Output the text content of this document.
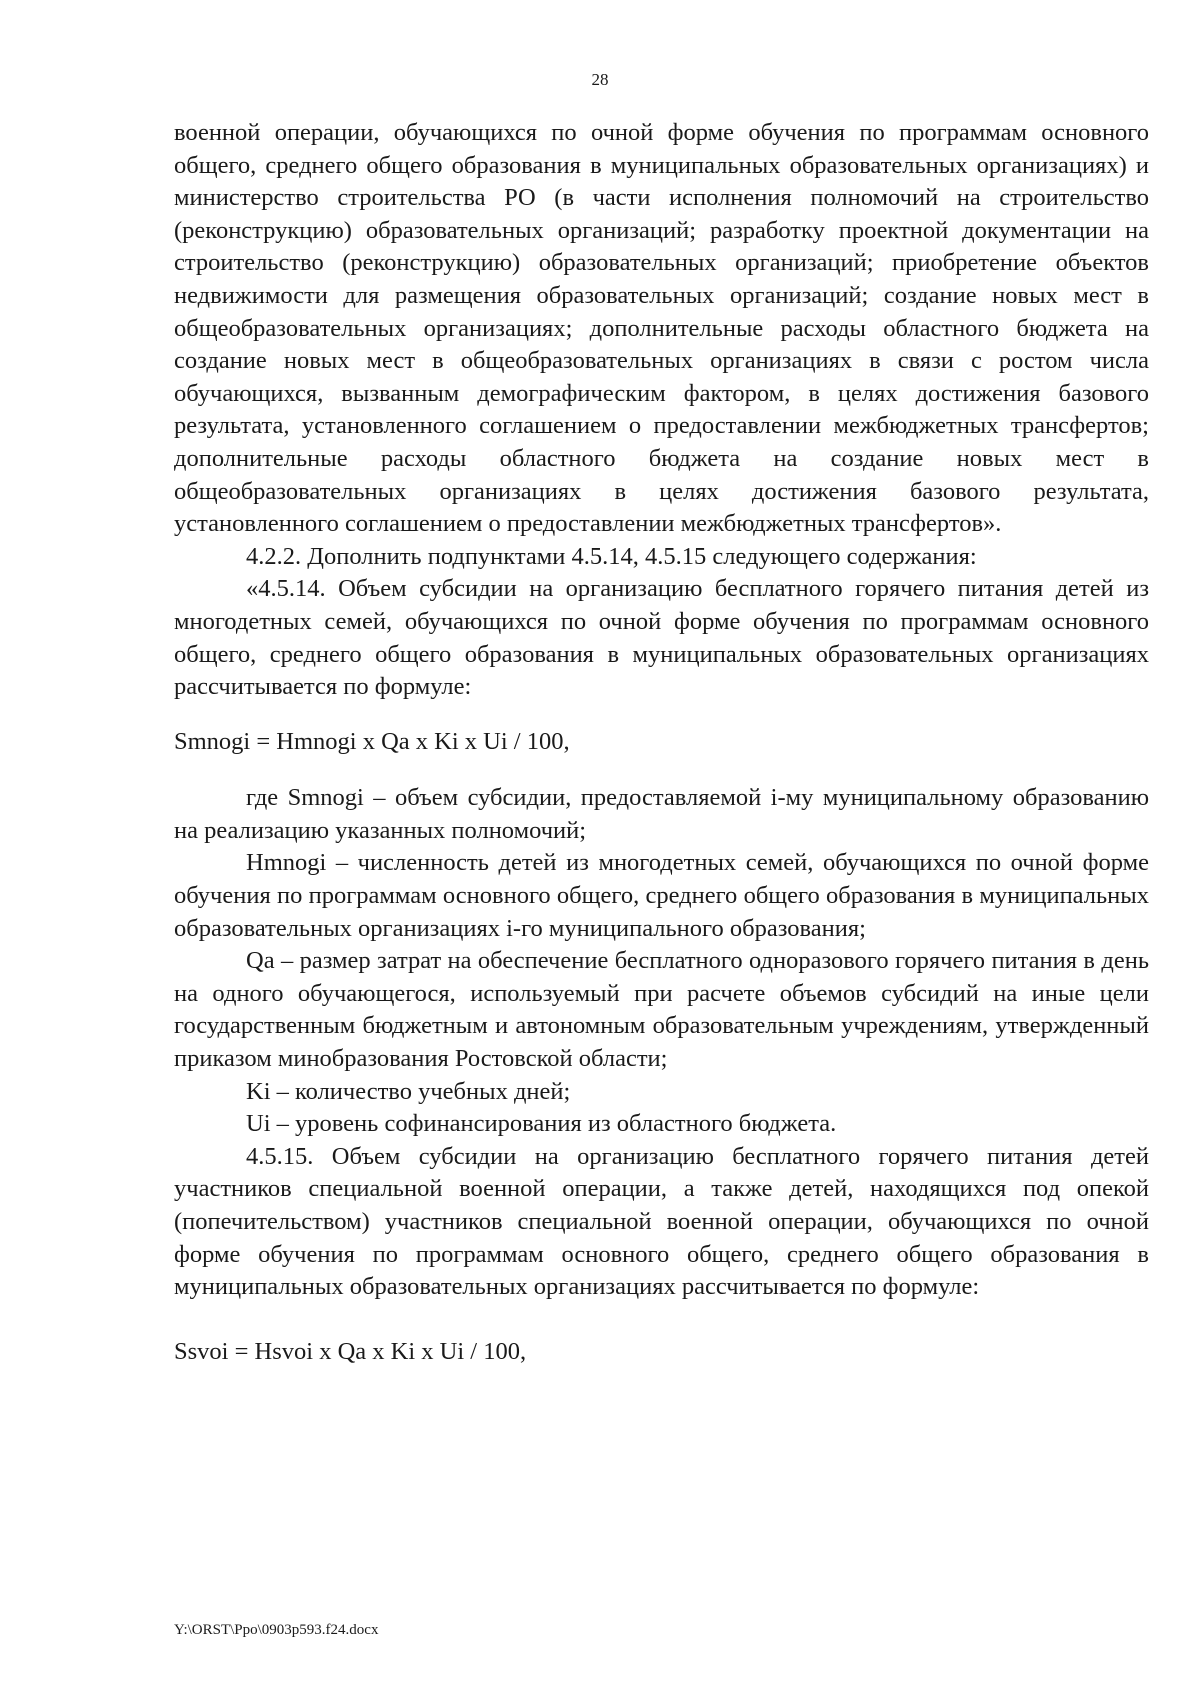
28

военной операции, обучающихся по очной форме обучения по программам основного общего, среднего общего образования в муниципальных образовательных организациях) и министерство строительства РО (в части исполнения полномочий на строительство (реконструкцию) образовательных организаций; разработку проектной документации на строительство (реконструкцию) образовательных организаций; приобретение объектов недвижимости для размещения образовательных организаций; создание новых мест в общеобразовательных организациях; дополнительные расходы областного бюджета на создание новых мест в общеобразовательных организациях в связи с ростом числа обучающихся, вызванным демографическим фактором, в целях достижения базового результата, установленного соглашением о предоставлении межбюджетных трансфертов; дополнительные расходы областного бюджета на создание новых мест в общеобразовательных организациях в целях достижения базового результата, установленного соглашением о предоставлении межбюджетных трансфертов».

4.2.2. Дополнить подпунктами 4.5.14, 4.5.15 следующего содержания:

«4.5.14. Объем субсидии на организацию бесплатного горячего питания детей из многодетных семей, обучающихся по очной форме обучения по программам основного общего, среднего общего образования в муниципальных образовательных организациях рассчитывается по формуле:

Smnogi = Hmnogi x Qa x Ki x Ui / 100,

где Smnogi – объем субсидии, предоставляемой i-му муниципальному образованию на реализацию указанных полномочий;

Hmnogi – численность детей из многодетных семей, обучающихся по очной форме обучения по программам основного общего, среднего общего образования в муниципальных образовательных организациях i-го муниципального образования;

Qa – размер затрат на обеспечение бесплатного одноразового горячего питания в день на одного обучающегося, используемый при расчете объемов субсидий на иные цели государственным бюджетным и автономным образовательным учреждениям, утвержденный приказом минобразования Ростовской области;

Ki – количество учебных дней;

Ui – уровень софинансирования из областного бюджета.

4.5.15. Объем субсидии на организацию бесплатного горячего питания детей участников специальной военной операции, а также детей, находящихся под опекой (попечительством) участников специальной военной операции, обучающихся по очной форме обучения по программам основного общего, среднего общего образования в муниципальных образовательных организациях рассчитывается по формуле:

Ssvoi = Hsvoi x Qa x Ki x Ui / 100,

Y:\ORST\Ppo\0903p593.f24.docx
